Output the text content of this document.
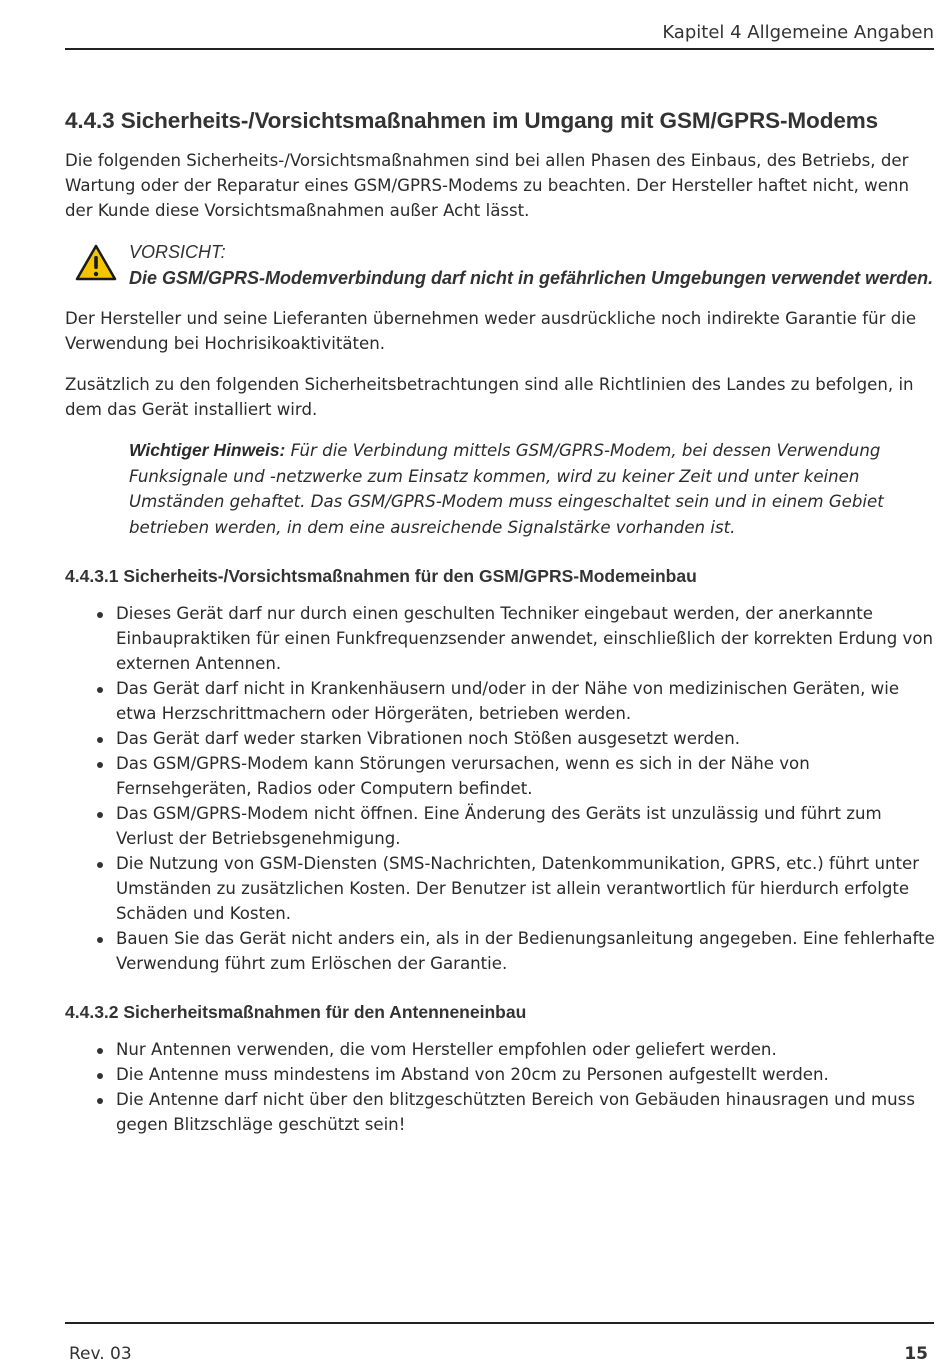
Kapitel 4 Allgemeine Angaben
4.4.3 Sicherheits-/Vorsichtsmaßnahmen im Umgang mit GSM/GPRS-Modems

Die folgenden Sicherheits-/Vorsichtsmaßnahmen sind bei allen Phasen des Einbaus, des Betriebs, der Wartung oder der Reparatur eines GSM/GPRS-Modems zu beachten. Der Hersteller haftet nicht, wenn der Kunde diese Vorsichtsmaßnahmen außer Acht lässt.

VORSICHT:
Die GSM/GPRS-Modemverbindung darf nicht in gefährlichen Umgebungen verwendet werden.

Der Hersteller und seine Lieferanten übernehmen weder ausdrückliche noch indirekte Garantie für die Verwendung bei Hochrisikoaktivitäten.

Zusätzlich zu den folgenden Sicherheitsbetrachtungen sind alle Richtlinien des Landes zu befolgen, in dem das Gerät installiert wird.

Wichtiger Hinweis: Für die Verbindung mittels GSM/GPRS-Modem, bei dessen Verwendung Funksignale und -netzwerke zum Einsatz kommen, wird zu keiner Zeit und unter keinen Umständen gehaftet. Das GSM/GPRS-Modem muss eingeschaltet sein und in einem Gebiet betrieben werden, in dem eine ausreichende Signalstärke vorhanden ist.
4.4.3.1 Sicherheits-/Vorsichtsmaßnahmen für den GSM/GPRS-Modemeinbau
Dieses Gerät darf nur durch einen geschulten Techniker eingebaut werden, der anerkannte Einbaupraktiken für einen Funkfrequenzsender anwendet, einschließlich der korrekten Erdung von externen Antennen.
Das Gerät darf nicht in Krankenhäusern und/oder in der Nähe von medizinischen Geräten, wie etwa Herzschrittmachern oder Hörgeräten, betrieben werden.
Das Gerät darf weder starken Vibrationen noch Stößen ausgesetzt werden.
Das GSM/GPRS-Modem kann Störungen verursachen, wenn es sich in der Nähe von Fernsehgeräten, Radios oder Computern befindet.
Das GSM/GPRS-Modem nicht öffnen. Eine Änderung des Geräts ist unzulässig und führt zum Verlust der Betriebsgenehmigung.
Die Nutzung von GSM-Diensten (SMS-Nachrichten, Datenkommunikation, GPRS, etc.) führt unter Umständen zu zusätzlichen Kosten. Der Benutzer ist allein verantwortlich für hierdurch erfolgte Schäden und Kosten.
Bauen Sie das Gerät nicht anders ein, als in der Bedienungsanleitung angegeben. Eine fehlerhafte Verwendung führt zum Erlöschen der Garantie.
4.4.3.2 Sicherheitsmaßnahmen für den Antenneneinbau
Nur Antennen verwenden, die vom Hersteller empfohlen oder geliefert werden.
Die Antenne muss mindestens im Abstand von 20cm zu Personen aufgestellt werden.
Die Antenne darf nicht über den blitzgeschützten Bereich von Gebäuden hinausragen und muss gegen Blitzschläge geschützt sein!
Rev. 03	15
